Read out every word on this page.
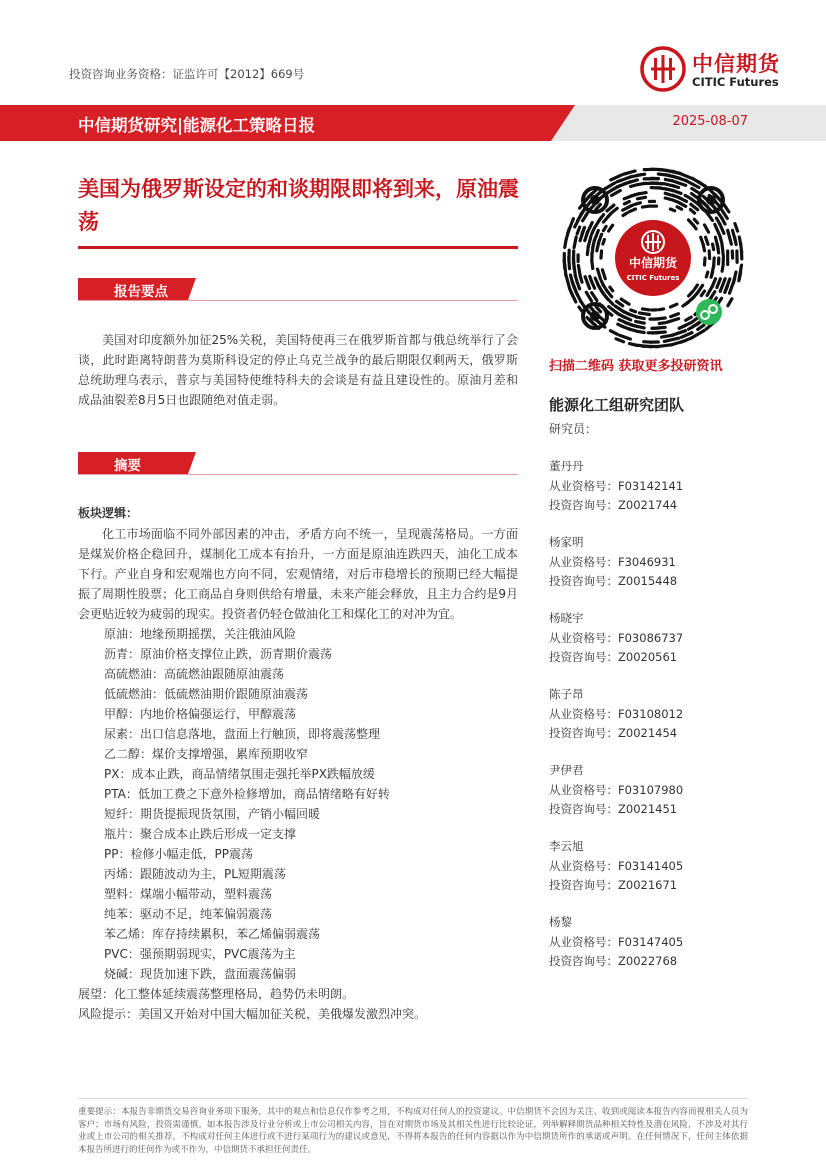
投资咨询业务资格：证监许可【2012】669号	中信期货
CITIC Futures
中信期货研究|能源化工策略日报	2025-08-07
美国为俄罗斯设定的和谈期限即将到来，原油震荡
报告要点

美国对印度额外加征25%关税，美国特使再三在俄罗斯首都与俄总统举行了会谈，此时距离特朗普为莫斯科设定的停止乌克兰战争的最后期限仅剩两天，俄罗斯总统助理乌表示，普京与美国特使维特科夫的会谈是有益且建设性的。原油月差和成品油裂差8月5日也跟随绝对值走弱。

摘要
板块逻辑：

化工市场面临不同外部因素的冲击，矛盾方向不统一，呈现震荡格局。一方面是煤炭价格企稳回升，煤制化工成本有抬升，一方面是原油连跌四天，油化工成本下行。产业自身和宏观端也方向不同，宏观情绪，对后市稳增长的预期已经大幅提振了周期性股票；化工商品自身则供给有增量，未来产能会释放，且主力合约是9月会更贴近较为疲弱的现实。投资者仍轻仓做油化工和煤化工的对冲为宜。

原油：地缘预期摇摆，关注俄油风险
沥青：原油价格支撑位止跌，沥青期价震荡
高硫燃油：高硫燃油跟随原油震荡
低硫燃油：低硫燃油期价跟随原油震荡
甲醇：内地价格偏强运行，甲醇震荡
尿素：出口信息落地，盘面上行触顶，即将震荡整理
乙二醇：煤价支撑增强，累库预期收窄
PX：成本止跌，商品情绪氛围走强托举PX跌幅放缓
PTA：低加工费之下意外检修增加，商品情绪略有好转
短纤：期货提振现货氛围，产销小幅回暖
瓶片：聚合成本止跌后形成一定支撑
PP：检修小幅走低，PP震荡
丙烯：跟随波动为主，PL短期震荡
塑料：煤端小幅带动，塑料震荡
纯苯：驱动不足，纯苯偏弱震荡
苯乙烯：库存持续累积，苯乙烯偏弱震荡
PVC：强预期弱现实，PVC震荡为主
烧碱：现货加速下跌，盘面震荡偏弱
展望：化工整体延续震荡整理格局，趋势仍未明朗。
风险提示：美国又开始对中国大幅加征关税，美俄爆发激烈冲突。
中信期货
CITIC Futures
扫描二维码 获取更多投研资讯
能源化工组研究团队
研究员：
董丹丹
从业资格号：F03142141
投资咨询号：Z0021744
杨家明
从业资格号：F3046931
投资咨询号：Z0015448
杨晓宇
从业资格号：F03086737
投资咨询号：Z0020561
陈子昂
从业资格号：F03108012
投资咨询号：Z0021454
尹伊君
从业资格号：F03107980
投资咨询号：Z0021451
李云旭
从业资格号：F03141405
投资咨询号：Z0021671
杨黎
从业资格号：F03147405
投资咨询号：Z0022768
重要提示：本报告非期货交易咨询业务项下服务，其中的观点和信息仅作参考之用，不构成对任何人的投资建议。中信期货不会因为关注、收到或阅读本报告内容而视相关人员为客户；市场有风险，投资需谨慎。如本报告涉及行业分析或上市公司相关内容，旨在对期货市场及其相关性进行比较论证，列举解释期货品种相关特性及潜在风险，不涉及对其行业或上市公司的相关推荐，不构成对任何主体进行或不进行某项行为的建议或意见，不得将本报告的任何内容据以作为中信期货所作的承诺或声明。在任何情况下，任何主体依据本报告所进行的任何作为或不作为，中信期货不承担任何责任。
